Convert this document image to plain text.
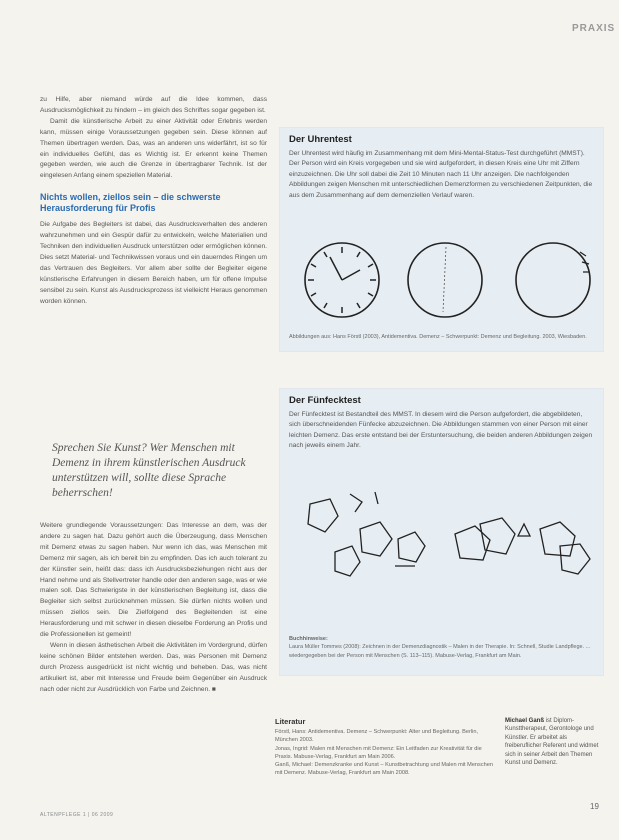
PRAXIS

zu Hilfe, aber niemand würde auf die Idee kommen, dass Ausdrucksmöglichkeit zu hindern – im gleich des Schriftes sogar gegeben ist.

Damit die künstlerische Arbeit zu einer Aktivität oder Erlebnis werden kann, müssen einige Voraussetzungen gegeben sein. Diese können auf Themen übertragen werden. Das, was an anderen uns widerfährt, ist so für ein individuelles Gefühl, das es Wichtig ist. Er erkennt keine Themen gegeben werden, wie auch die Grenze in übertragbarer Technik. Ist der eingelesen Anfang einem speziellen Material.

Nichts wollen, ziellos sein – die schwerste Herausforderung für Profis

Die Aufgabe des Begleiters ist dabei, das Ausdrucksverhalten des anderen wahrzunehmen und ein Gespür dafür zu entwickeln, welche Materialien und Techniken den individuellen Ausdruck unterstützen oder ermöglichen können. Dies setzt Material- und Technikwissen voraus und ein dauerndes Ringen um das Vertrauen des Begleiters. Vor allem aber sollte der Begleiter eigene künstlerische Erfahrungen in diesem Bereich haben, um für offene Impulse sensibel zu sein. Kunst als Ausdrucksprozess ist vielleicht Heraus genommen worden können.

Sprechen Sie Kunst? Wer Menschen mit Demenz in ihrem künstlerischen Ausdruck unterstützen will, sollte diese Sprache beherrschen!

Weitere grundlegende Voraussetzungen: Das Interesse an dem, was der andere zu sagen hat. Dazu gehört auch die Überzeugung, dass Menschen mit Demenz etwas zu sagen haben. Nur wenn ich das, was Menschen mit Demenz mir sagen, als ich bereit bin zu empfinden. Das ich auch tolerant zu der Künstler sein, heißt das: dass ich Ausdrucksbeziehungen nicht aus der Hand nehme und als Stellvertreter handle oder den anderen sage, was er wie malen soll. Das Schwierigste in der künstlerischen Begleitung ist, dass die Begleiter sich selbst zurücknehmen müssen. Sie dürfen nichts wollen und müssen ziellos sein. Die Zielfolgend des Begleitenden ist eine Herausforderung und mit schwer in diesen dieselbe Forderung an Profis und die Professionellen ist gemeint!

Wenn in diesen ästhetischen Arbeit die Aktivitäten im Vordergrund, dürfen keine schönen Bilder entstehen werden. Das, was Personen mit Demenz durch Prozess ausgedrückt ist nicht wichtig und beheben. Das, was nicht artikuliert ist, aber mit Interesse und Freude beim Gegenüber ein Ausdruck nach oder nicht zur Ausdrücklich von Farbe und Zeichnen. ■

ALTENPFLEGE 1 | 06 2009
Der Uhrentest
Der Uhrentest wird häufig im Zusammenhang mit dem Mini-Mental-Status-Test durchgeführt (MMST). Der Person wird ein Kreis vorgegeben und sie wird aufgefordert, in diesen Kreis eine Uhr mit Ziffern einzuzeichnen. Die Uhr soll dabei die Zeit 10 Minuten nach 11 Uhr anzeigen. Die nachfolgenden Abbildungen zeigen Menschen mit unterschiedlichen Demenzformen zu verschiedenen Zeitpunkten, die aus dem Zusammenhang auf dem demenziellen Verlauf waren.
Abbildungen aus: Hans Förstl (2003), Antidementiva. Demenz – Schwerpunkt: Demenz und Begleitung. 2003, Wiesbaden.
Der Fünfecktest
Der Fünfecktest ist Bestandteil des MMST. In diesem wird die Person aufgefordert, die abgebildeten, sich überschneidenden Fünfecke abzuzeichnen. Die Abbildungen stammen von einer Person mit einer leichten Demenz. Das erste entstand bei der Erstuntersuchung, die beiden anderen Abbildungen zeigen nach jeweils einem Jahr.
Buchhinweise:
Laura Müller Tommes (2008): Zeichnen in der Demenzdiagnostik – Malen in der Therapie. In: Schnell, Studie Landpflege. ... wiedergegeben bei der Person mit Menschen (S. 113–115). Mabuse-Verlag, Frankfurt am Main.
Literatur
Förstl, Hans: Antidementiva. Demenz – Schwerpunkt: Alter und Begleitung. Berlin, München 2003.
Jonas, Ingrid: Malen mit Menschen mit Demenz: Ein Leitfaden zur Kreativität für die Praxis. Mabuse-Verlag, Frankfurt am Main 2006.
Ganß, Michael: Demenzkranke und Kunst – Kunstbetrachtung und Malen mit Menschen mit Demenz. Mabuse-Verlag, Frankfurt am Main 2008.
Michael Ganß ist Diplom-Kunsttherapeut, Gerontologe und Künstler. Er arbeitet als freiberuflicher Referent und widmet sich in seiner Arbeit den Themen Kunst und Demenz.
19
